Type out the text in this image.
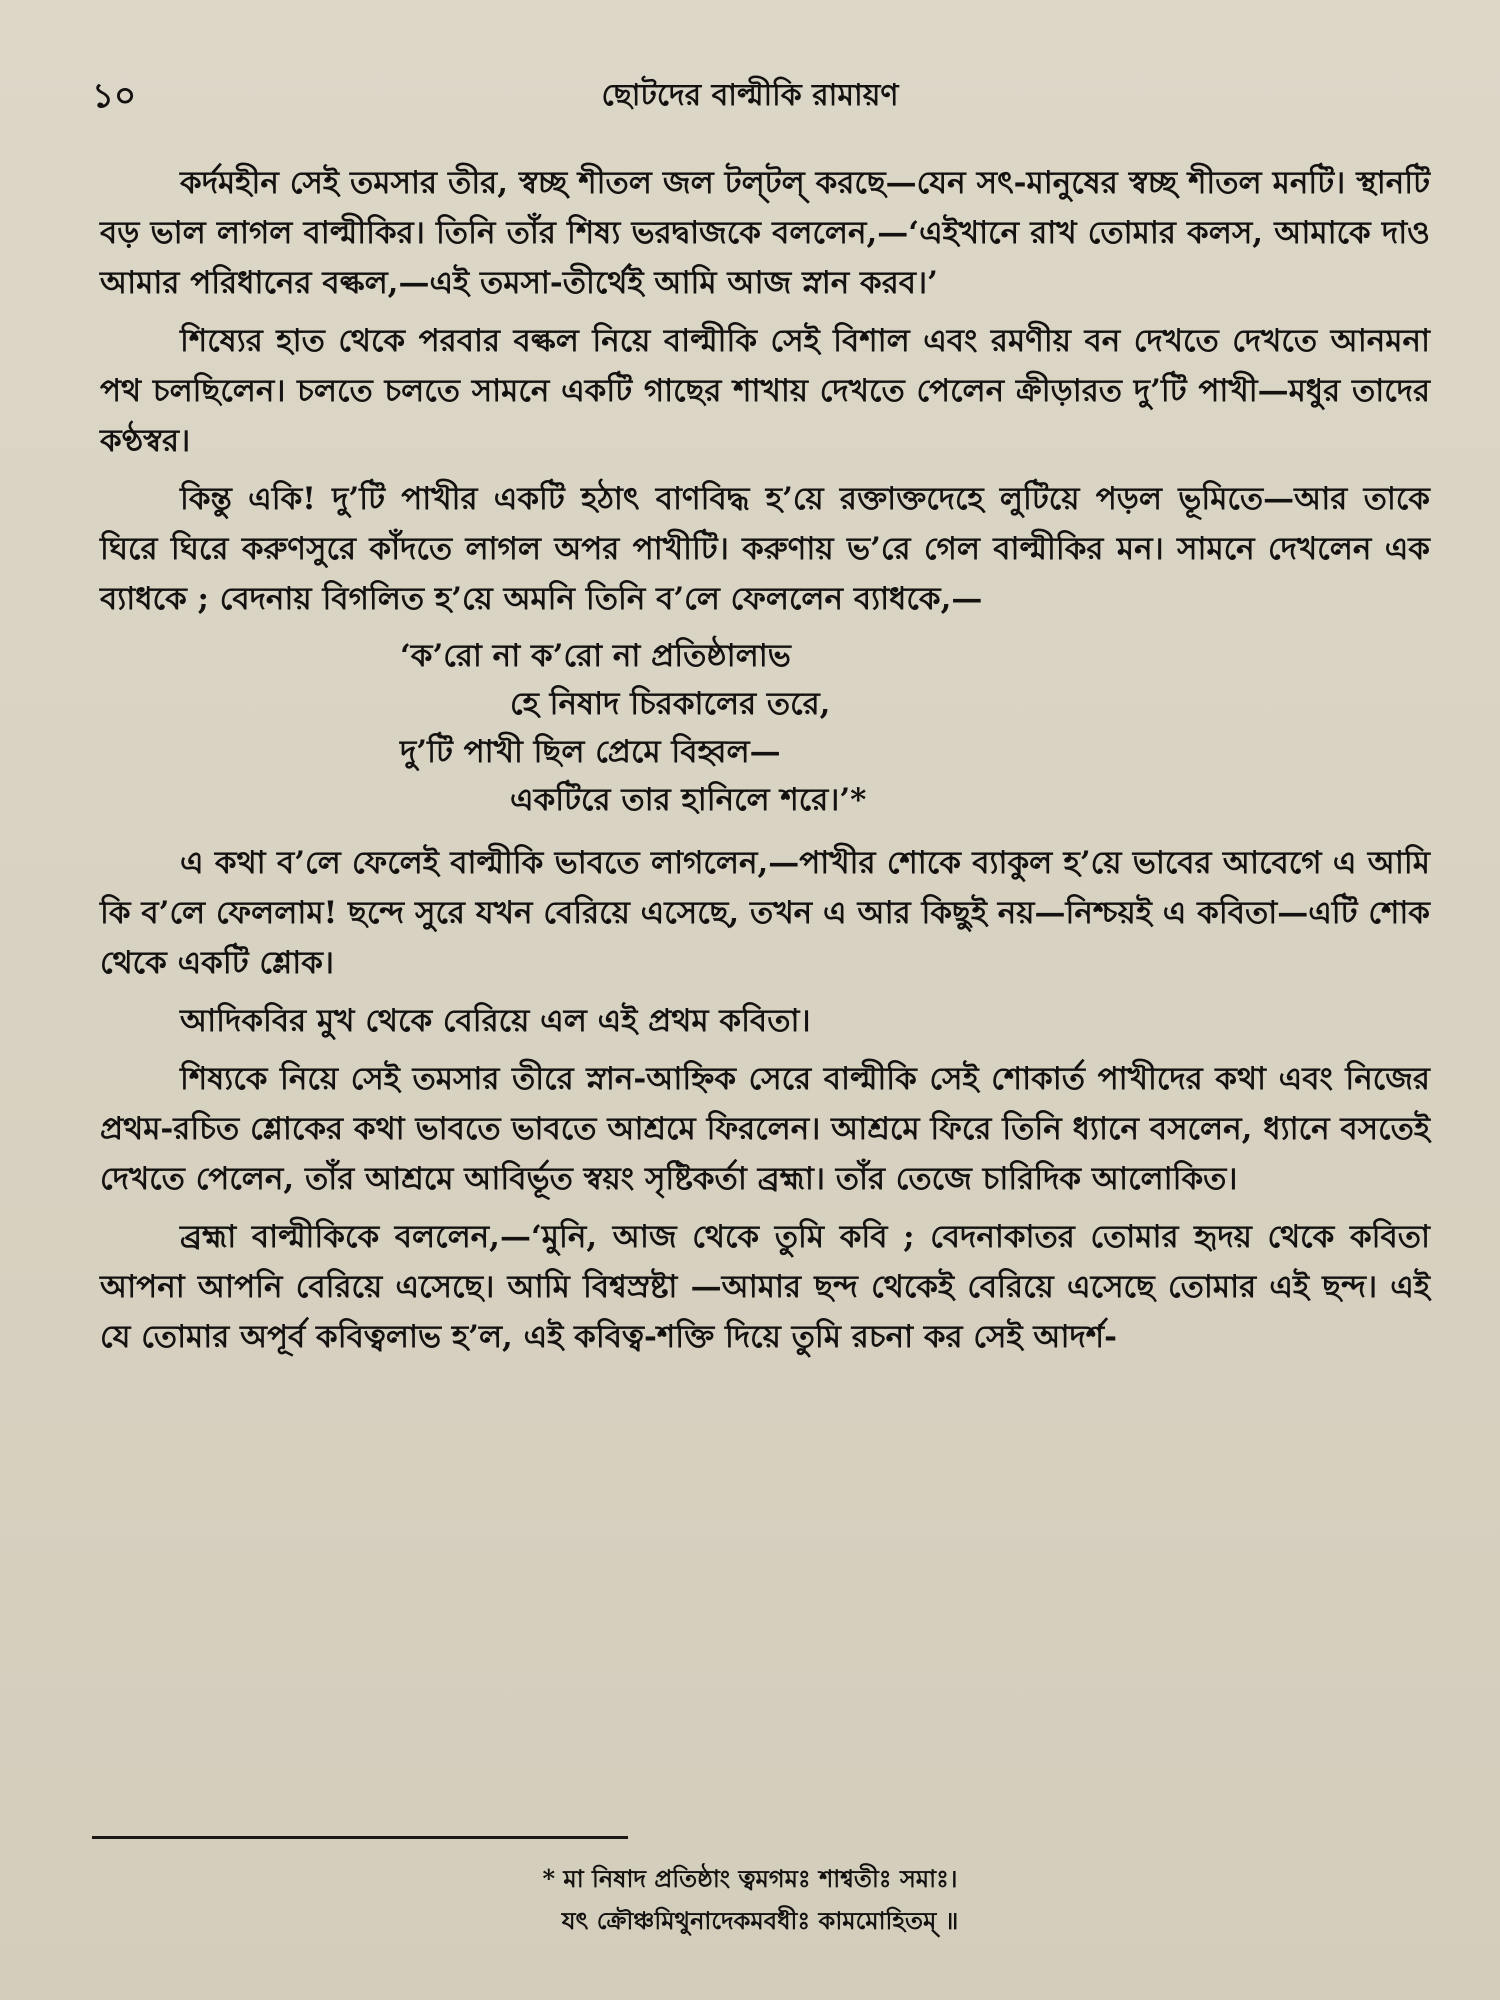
১০	ছোটদের বাল্মীকি রামায়ণ

কর্দমহীন সেই তমসার তীর, স্বচ্ছ শীতল জল টল্‌টল্‌ করছে—যেন সৎ-মানুষের স্বচ্ছ শীতল মনটি। স্থানটি বড় ভাল লাগল বাল্মীকির। তিনি তাঁর শিষ্য ভরদ্বাজকে বললেন,—‘এইখানে রাখ তোমার কলস, আমাকে দাও আমার পরিধানের বল্কল,—এই তমসা-তীর্থেই আমি আজ স্নান করব।’

শিষ্যের হাত থেকে পরবার বল্কল নিয়ে বাল্মীকি সেই বিশাল এবং রমণীয় বন দেখতে দেখতে আনমনা পথ চলছিলেন। চলতে চলতে সামনে একটি গাছের শাখায় দেখতে পেলেন ক্রীড়ারত দু’টি পাখী—মধুর তাদের কণ্ঠস্বর।

কিন্তু একি! দু’টি পাখীর একটি হঠাৎ বাণবিদ্ধ হ’য়ে রক্তাক্তদেহে লুটিয়ে পড়ল ভূমিতে—আর তাকে ঘিরে ঘিরে করুণসুরে কাঁদতে লাগল অপর পাখীটি। করুণায় ভ’রে গেল বাল্মীকির মন। সামনে দেখলেন এক ব্যাধকে ; বেদনায় বিগলিত হ’য়ে অমনি তিনি ব’লে ফেললেন ব্যাধকে,—

‘ক’রো না ক’রো না প্রতিষ্ঠালাভ
হে নিষাদ চিরকালের তরে,
দু’টি পাখী ছিল প্রেমে বিহ্বল—
একটিরে তার হানিলে শরে।’*

এ কথা ব’লে ফেলেই বাল্মীকি ভাবতে লাগলেন,—পাখীর শোকে ব্যাকুল হ’য়ে ভাবের আবেগে এ আমি কি ব’লে ফেললাম! ছন্দে সুরে যখন বেরিয়ে এসেছে, তখন এ আর কিছুই নয়—নিশ্চয়ই এ কবিতা—এটি শোক থেকে একটি শ্লোক।

আদিকবির মুখ থেকে বেরিয়ে এল এই প্রথম কবিতা।

শিষ্যকে নিয়ে সেই তমসার তীরে স্নান-আহ্নিক সেরে বাল্মীকি সেই শোকার্ত পাখীদের কথা এবং নিজের প্রথম-রচিত শ্লোকের কথা ভাবতে ভাবতে আশ্রমে ফিরলেন। আশ্রমে ফিরে তিনি ধ্যানে বসলেন, ধ্যানে বসতেই দেখতে পেলেন, তাঁর আশ্রমে আবির্ভূত স্বয়ং সৃষ্টিকর্তা ব্রহ্মা। তাঁর তেজে চারিদিক আলোকিত।

ব্রহ্মা বাল্মীকিকে বললেন,—‘মুনি, আজ থেকে তুমি কবি ; বেদনাকাতর তোমার হৃদয় থেকে কবিতা আপনা আপনি বেরিয়ে এসেছে। আমি বিশ্বস্রষ্টা —আমার ছন্দ থেকেই বেরিয়ে এসেছে তোমার এই ছন্দ। এই যে তোমার অপূর্ব কবিত্বলাভ হ’ল, এই কবিত্ব-শক্তি দিয়ে তুমি রচনা কর সেই আদর্শ-

* মা নিষাদ প্রতিষ্ঠাং ত্বমগমঃ শাশ্বতীঃ সমাঃ।
যৎ ক্রৌঞ্চমিথুনাদেকমবধীঃ কামমোহিতম্‌ ॥
